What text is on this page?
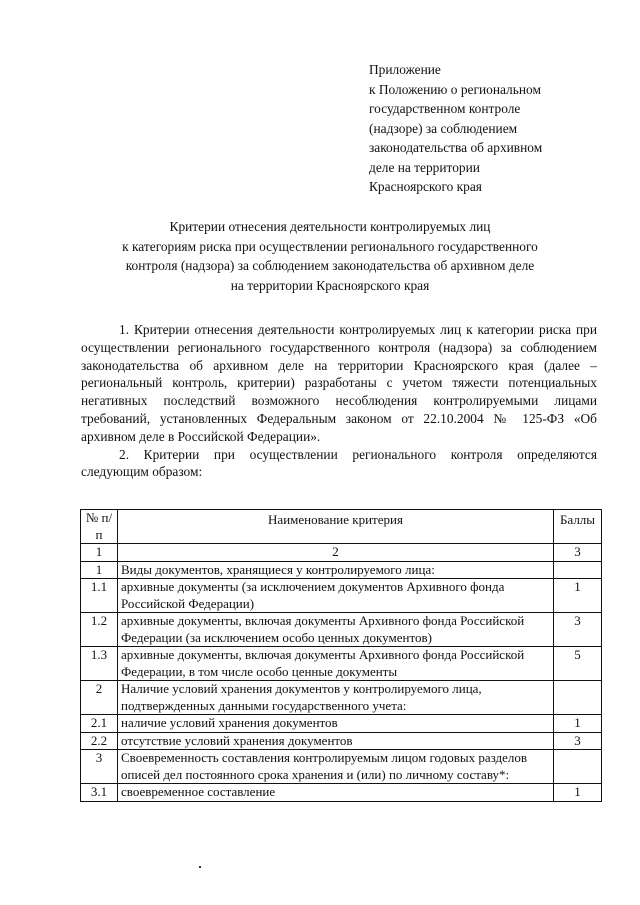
Приложение
к Положению о региональном
государственном контроле
(надзоре) за соблюдением
законодательства об архивном
деле на территории
Красноярского края
Критерии отнесения деятельности контролируемых лиц
к категориям риска при осуществлении регионального государственного
контроля (надзора) за соблюдением законодательства об архивном деле
на территории Красноярского края
1. Критерии отнесения деятельности контролируемых лиц к категории риска при осуществлении регионального государственного контроля (надзора) за соблюдением законодательства об архивном деле на территории Красноярского края (далее – региональный контроль, критерии) разработаны с учетом тяжести потенциальных негативных последствий возможного несоблюдения контролируемыми лицами требований, установленных Федеральным законом от 22.10.2004 № 125-ФЗ «Об архивном деле в Российской Федерации».
2. Критерии при осуществлении регионального контроля определяются следующим образом:
№ п/п	Наименование критерия	Баллы
1	2	3
1	Виды документов, хранящиеся у контролируемого лица:	
1.1	архивные документы (за исключением документов Архивного фонда Российской Федерации)	1
1.2	архивные документы, включая документы Архивного фонда Российской Федерации (за исключением особо ценных документов)	3
1.3	архивные документы, включая документы Архивного фонда Российской Федерации, в том числе особо ценные документы	5
2	Наличие условий хранения документов у контролируемого лица, подтвержденных данными государственного учета:	
2.1	наличие условий хранения документов	1
2.2	отсутствие условий хранения документов	3
3	Своевременность составления контролируемым лицом годовых разделов описей дел постоянного срока хранения и (или) по личному составу*:	
3.1	своевременное составление	1
